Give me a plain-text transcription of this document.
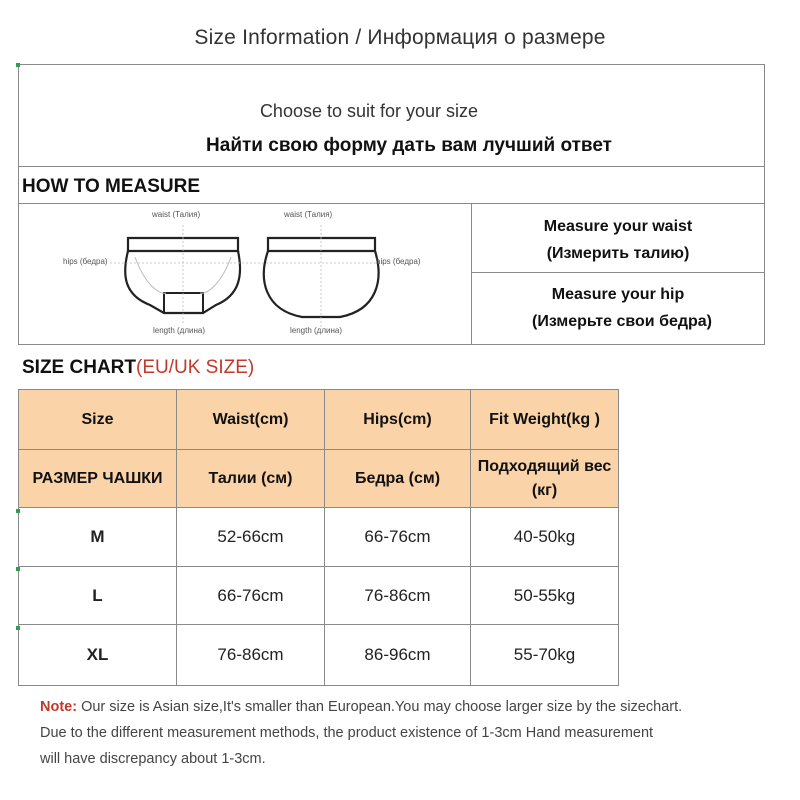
Size Information / Информация о размере
Choose to suit for your size
Найти свою форму дать вам лучший ответ
HOW TO MEASURE
waist (Талия)	waist (Талия)
hips (бедра)	hips (бедра)
length (длина)	length (длина)
Measure your waist
(Измерить талию)
Measure your hip
(Измерьте свои бедра)
SIZE CHART(EU/UK SIZE)
Size	Waist(cm)	Hips(cm)	Fit Weight(kg )
РАЗМЕР ЧАШКИ	Талии (см)	Бедра (см)	Подходящий вес (кг)
M	52-66cm	66-76cm	40-50kg
L	66-76cm	76-86cm	50-55kg
XL	76-86cm	86-96cm	55-70kg
Note: Our size is Asian size,It's smaller than European.You may choose larger size by the sizechart.
Due to the different measurement methods, the product existence of 1-3cm Hand measurement
will have discrepancy about 1-3cm.
